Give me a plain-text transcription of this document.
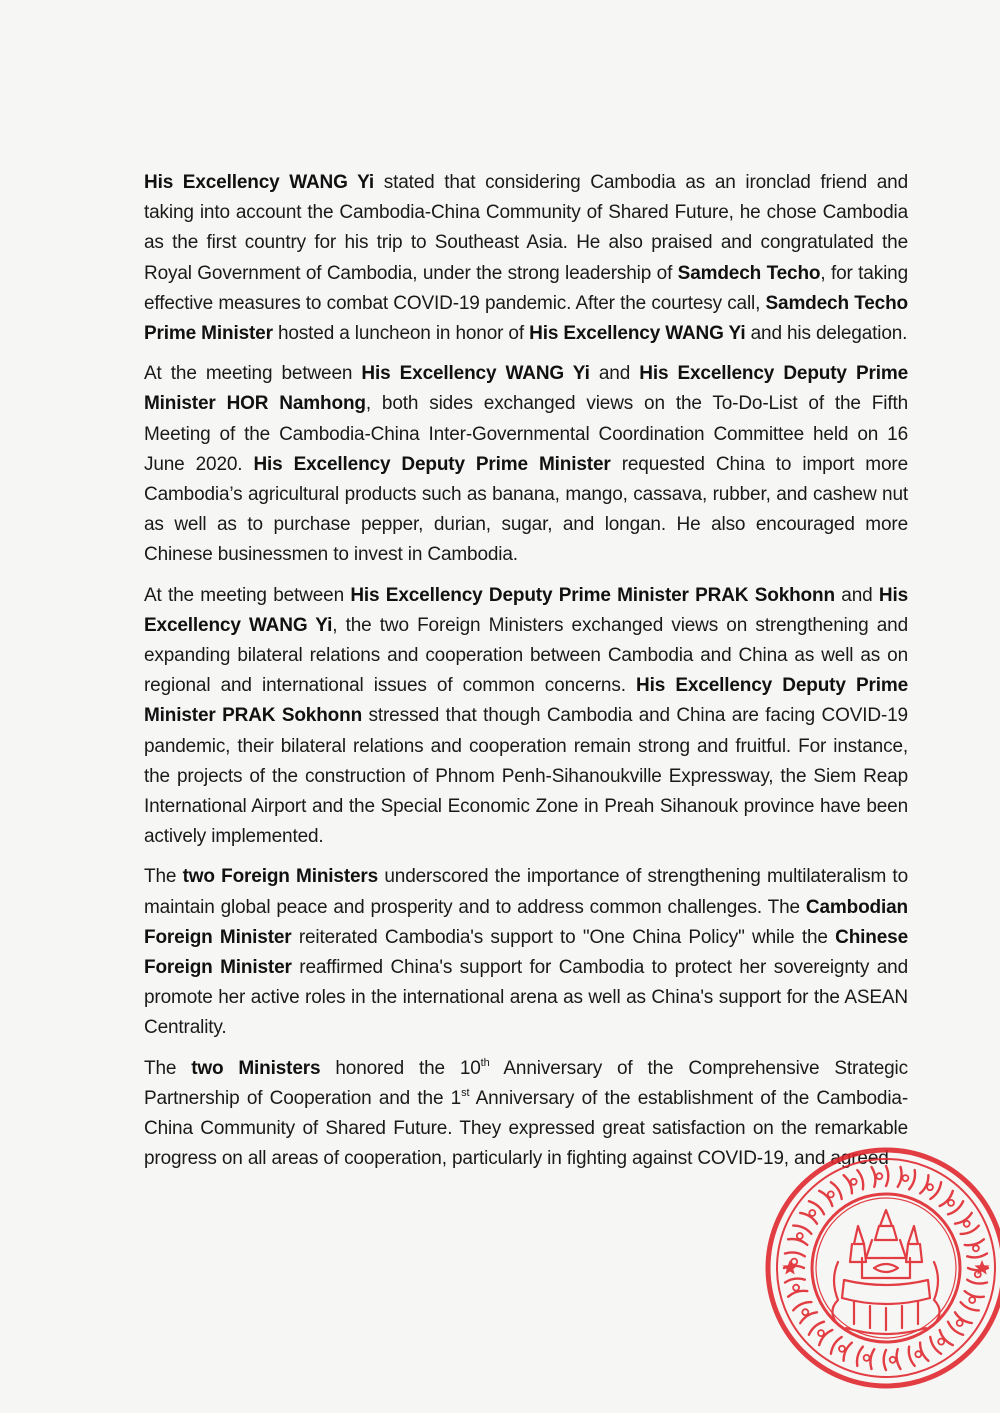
His Excellency WANG Yi stated that considering Cambodia as an ironclad friend and taking into account the Cambodia-China Community of Shared Future, he chose Cambodia as the first country for his trip to Southeast Asia. He also praised and congratulated the Royal Government of Cambodia, under the strong leadership of Samdech Techo, for taking effective measures to combat COVID-19 pandemic. After the courtesy call, Samdech Techo Prime Minister hosted a luncheon in honor of His Excellency WANG Yi and his delegation.

At the meeting between His Excellency WANG Yi and His Excellency Deputy Prime Minister HOR Namhong, both sides exchanged views on the To-Do-List of the Fifth Meeting of the Cambodia-China Inter-Governmental Coordination Committee held on 16 June 2020. His Excellency Deputy Prime Minister requested China to import more Cambodia’s agricultural products such as banana, mango, cassava, rubber, and cashew nut as well as to purchase pepper, durian, sugar, and longan. He also encouraged more Chinese businessmen to invest in Cambodia.

At the meeting between His Excellency Deputy Prime Minister PRAK Sokhonn and His Excellency WANG Yi, the two Foreign Ministers exchanged views on strengthening and expanding bilateral relations and cooperation between Cambodia and China as well as on regional and international issues of common concerns. His Excellency Deputy Prime Minister PRAK Sokhonn stressed that though Cambodia and China are facing COVID-19 pandemic, their bilateral relations and cooperation remain strong and fruitful. For instance, the projects of the construction of Phnom Penh-Sihanoukville Expressway, the Siem Reap International Airport and the Special Economic Zone in Preah Sihanouk province have been actively implemented.

The two Foreign Ministers underscored the importance of strengthening multilateralism to maintain global peace and prosperity and to address common challenges. The Cambodian Foreign Minister reiterated Cambodia's support to "One China Policy" while the Chinese Foreign Minister reaffirmed China's support for Cambodia to protect her sovereignty and promote her active roles in the international arena as well as China's support for the ASEAN Centrality.

The two Ministers honored the 10th Anniversary of the Comprehensive Strategic Partnership of Cooperation and the 1st Anniversary of the establishment of the Cambodia-China Community of Shared Future. They expressed great satisfaction on the remarkable progress on all areas of cooperation, particularly in fighting against COVID-19, and agreed
